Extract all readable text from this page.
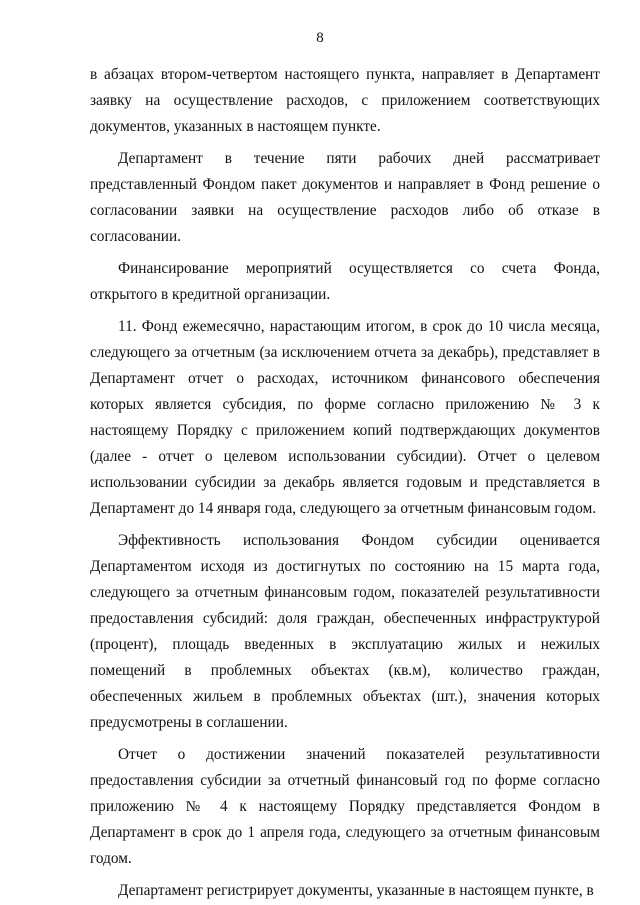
8

в абзацах втором-четвертом настоящего пункта, направляет в Департамент заявку на осуществление расходов, с приложением соответствующих документов, указанных в настоящем пункте.

Департамент в течение пяти рабочих дней рассматривает представленный Фондом пакет документов и направляет в Фонд решение о согласовании заявки на осуществление расходов либо об отказе в согласовании.

Финансирование мероприятий осуществляется со счета Фонда, открытого в кредитной организации.

11. Фонд ежемесячно, нарастающим итогом, в срок до 10 числа месяца, следующего за отчетным (за исключением отчета за декабрь), представляет в Департамент отчет о расходах, источником финансового обеспечения которых является субсидия, по форме согласно приложению № 3 к настоящему Порядку с приложением копий подтверждающих документов (далее - отчет о целевом использовании субсидии). Отчет о целевом использовании субсидии за декабрь является годовым и представляется в Департамент до 14 января года, следующего за отчетным финансовым годом.

Эффективность использования Фондом субсидии оценивается Департаментом исходя из достигнутых по состоянию на 15 марта года, следующего за отчетным финансовым годом, показателей результативности предоставления субсидий: доля граждан, обеспеченных инфраструктурой (процент), площадь введенных в эксплуатацию жилых и нежилых помещений в проблемных объектах (кв.м), количество граждан, обеспеченных жильем в проблемных объектах (шт.), значения которых предусмотрены в соглашении.

Отчет о достижении значений показателей результативности предоставления субсидии за отчетный финансовый год по форме согласно приложению № 4 к настоящему Порядку представляется Фондом в Департамент в срок до 1 апреля года, следующего за отчетным финансовым годом.

Департамент регистрирует документы, указанные в настоящем пункте, в
